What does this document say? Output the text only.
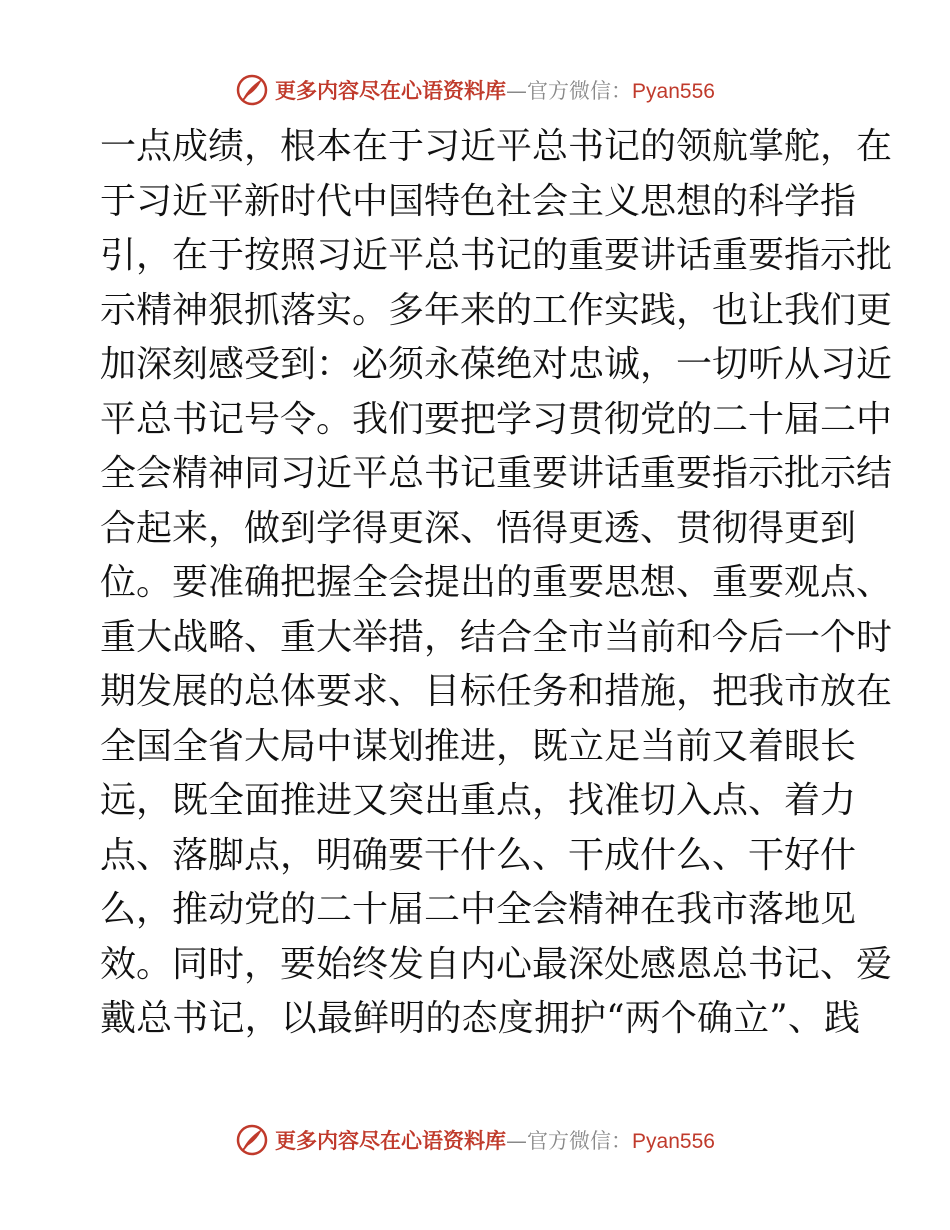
更多内容尽在心语资料库—官方微信：Pyan556
一点成绩，根本在于习近平总书记的领航掌舵，在
于习近平新时代中国特色社会主义思想的科学指
引，在于按照习近平总书记的重要讲话重要指示批
示精神狠抓落实。多年来的工作实践，也让我们更
加深刻感受到：必须永葆绝对忠诚，一切听从习近
平总书记号令。我们要把学习贯彻党的二十届二中
全会精神同习近平总书记重要讲话重要指示批示结
合起来，做到学得更深、悟得更透、贯彻得更到
位。要准确把握全会提出的重要思想、重要观点、
重大战略、重大举措，结合全市当前和今后一个时
期发展的总体要求、目标任务和措施，把我市放在
全国全省大局中谋划推进，既立足当前又着眼长
远，既全面推进又突出重点，找准切入点、着力
点、落脚点，明确要干什么、干成什么、干好什
么，推动党的二十届二中全会精神在我市落地见
效。同时，要始终发自内心最深处感恩总书记、爱
戴总书记，以最鲜明的态度拥护“两个确立”、践
更多内容尽在心语资料库—官方微信：Pyan556
